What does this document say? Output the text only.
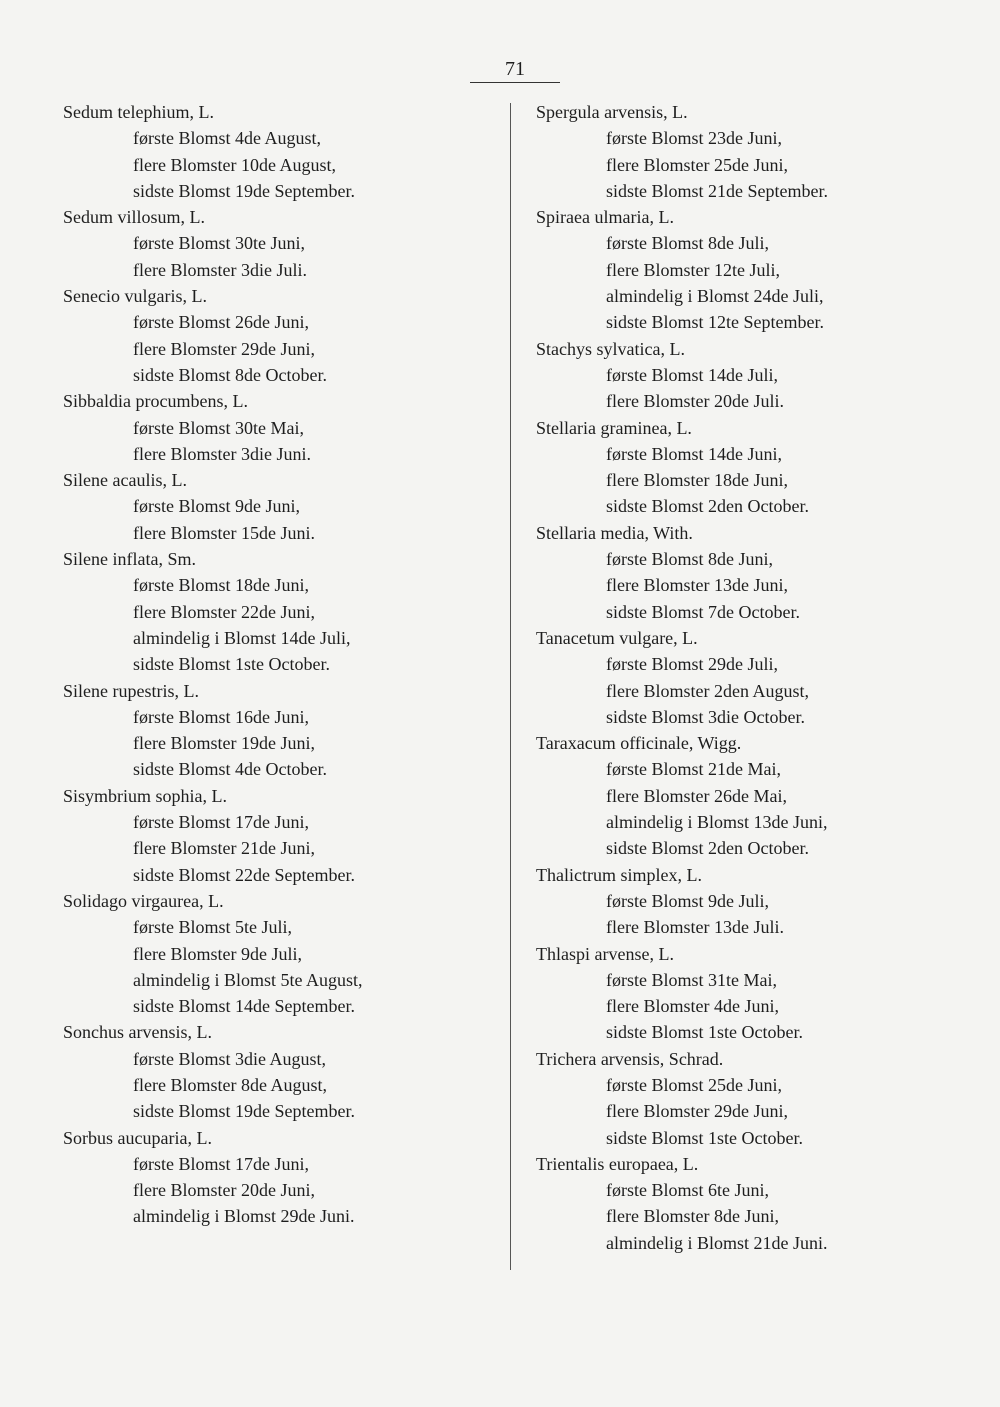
71
Sedum telephium, L.
første Blomst 4de August,
flere Blomster 10de August,
sidste Blomst 19de September.
Sedum villosum, L.
første Blomst 30te Juni,
flere Blomster 3die Juli.
Senecio vulgaris, L.
første Blomst 26de Juni,
flere Blomster 29de Juni,
sidste Blomst 8de October.
Sibbaldia procumbens, L.
første Blomst 30te Mai,
flere Blomster 3die Juni.
Silene acaulis, L.
første Blomst 9de Juni,
flere Blomster 15de Juni.
Silene inflata, Sm.
første Blomst 18de Juni,
flere Blomster 22de Juni,
almindelig i Blomst 14de Juli,
sidste Blomst 1ste October.
Silene rupestris, L.
første Blomst 16de Juni,
flere Blomster 19de Juni,
sidste Blomst 4de October.
Sisymbrium sophia, L.
første Blomst 17de Juni,
flere Blomster 21de Juni,
sidste Blomst 22de September.
Solidago virgaurea, L.
første Blomst 5te Juli,
flere Blomster 9de Juli,
almindelig i Blomst 5te August,
sidste Blomst 14de September.
Sonchus arvensis, L.
første Blomst 3die August,
flere Blomster 8de August,
sidste Blomst 19de September.
Sorbus aucuparia, L.
første Blomst 17de Juni,
flere Blomster 20de Juni,
almindelig i Blomst 29de Juni.
Spergula arvensis, L.
første Blomst 23de Juni,
flere Blomster 25de Juni,
sidste Blomst 21de September.
Spiraea ulmaria, L.
første Blomst 8de Juli,
flere Blomster 12te Juli,
almindelig i Blomst 24de Juli,
sidste Blomst 12te September.
Stachys sylvatica, L.
første Blomst 14de Juli,
flere Blomster 20de Juli.
Stellaria graminea, L.
første Blomst 14de Juni,
flere Blomster 18de Juni,
sidste Blomst 2den October.
Stellaria media, With.
første Blomst 8de Juni,
flere Blomster 13de Juni,
sidste Blomst 7de October.
Tanacetum vulgare, L.
første Blomst 29de Juli,
flere Blomster 2den August,
sidste Blomst 3die October.
Taraxacum officinale, Wigg.
første Blomst 21de Mai,
flere Blomster 26de Mai,
almindelig i Blomst 13de Juni,
sidste Blomst 2den October.
Thalictrum simplex, L.
første Blomst 9de Juli,
flere Blomster 13de Juli.
Thlaspi arvense, L.
første Blomst 31te Mai,
flere Blomster 4de Juni,
sidste Blomst 1ste October.
Trichera arvensis, Schrad.
første Blomst 25de Juni,
flere Blomster 29de Juni,
sidste Blomst 1ste October.
Trientalis europaea, L.
første Blomst 6te Juni,
flere Blomster 8de Juni,
almindelig i Blomst 21de Juni.
